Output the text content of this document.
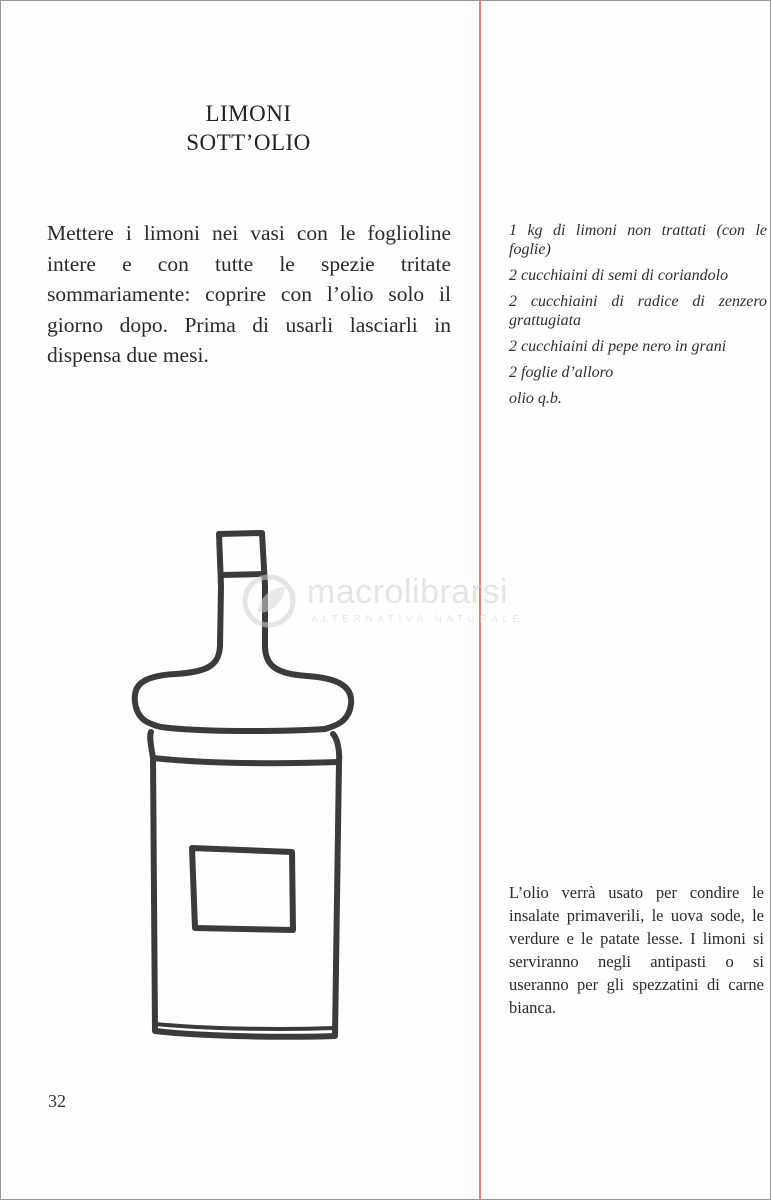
LIMONI
SOTT’OLIO

Mettere i limoni nei vasi con le foglioline intere e con tutte le spezie tritate sommariamente: coprire con l’olio solo il giorno dopo. Prima di usarli lasciarli in dispensa due mesi.

1 kg di limoni non trattati (con le foglie)
2 cucchiaini di semi di coriandolo
2 cucchiaini di radice di zenzero grattugiata
2 cucchiaini di pepe nero in grani
2 foglie d’alloro
olio q.b.
macrolibrarsi
ALTERNATIVA NATURALE

L’olio verrà usato per condire le insalate primaverili, le uova sode, le verdure e le patate lesse. I limoni si serviranno negli antipasti o si useranno per gli spezzatini di carne bianca.

32
